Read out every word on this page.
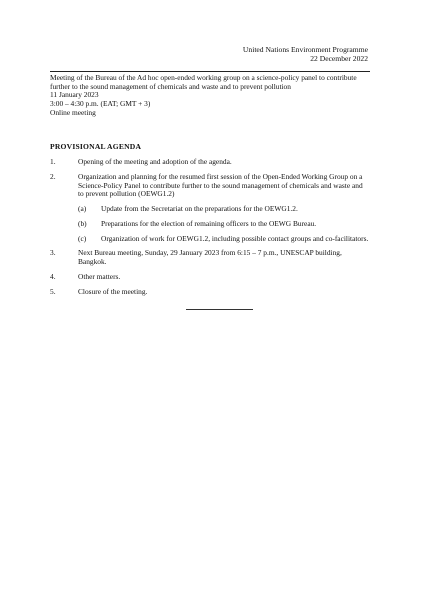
United Nations Environment Programme
22 December 2022
Meeting of the Bureau of the Ad hoc open-ended working group on a science-policy panel to contribute further to the sound management of chemicals and waste and to prevent pollution
11 January 2023
3:00 – 4:30 p.m. (EAT; GMT + 3)
Online meeting
PROVISIONAL AGENDA
1.	Opening of the meeting and adoption of the agenda.
2.	Organization and planning for the resumed first session of the Open-Ended Working Group on a Science-Policy Panel to contribute further to the sound management of chemicals and waste and to prevent pollution (OEWG1.2)
(a)	Update from the Secretariat on the preparations for the OEWG1.2.
(b)	Preparations for the election of remaining officers to the OEWG Bureau.
(c)	Organization of work for OEWG1.2, including possible contact groups and co-facilitators.
3.	Next Bureau meeting, Sunday, 29 January 2023 from 6:15 – 7 p.m., UNESCAP building, Bangkok.
4.	Other matters.
5.	Closure of the meeting.
